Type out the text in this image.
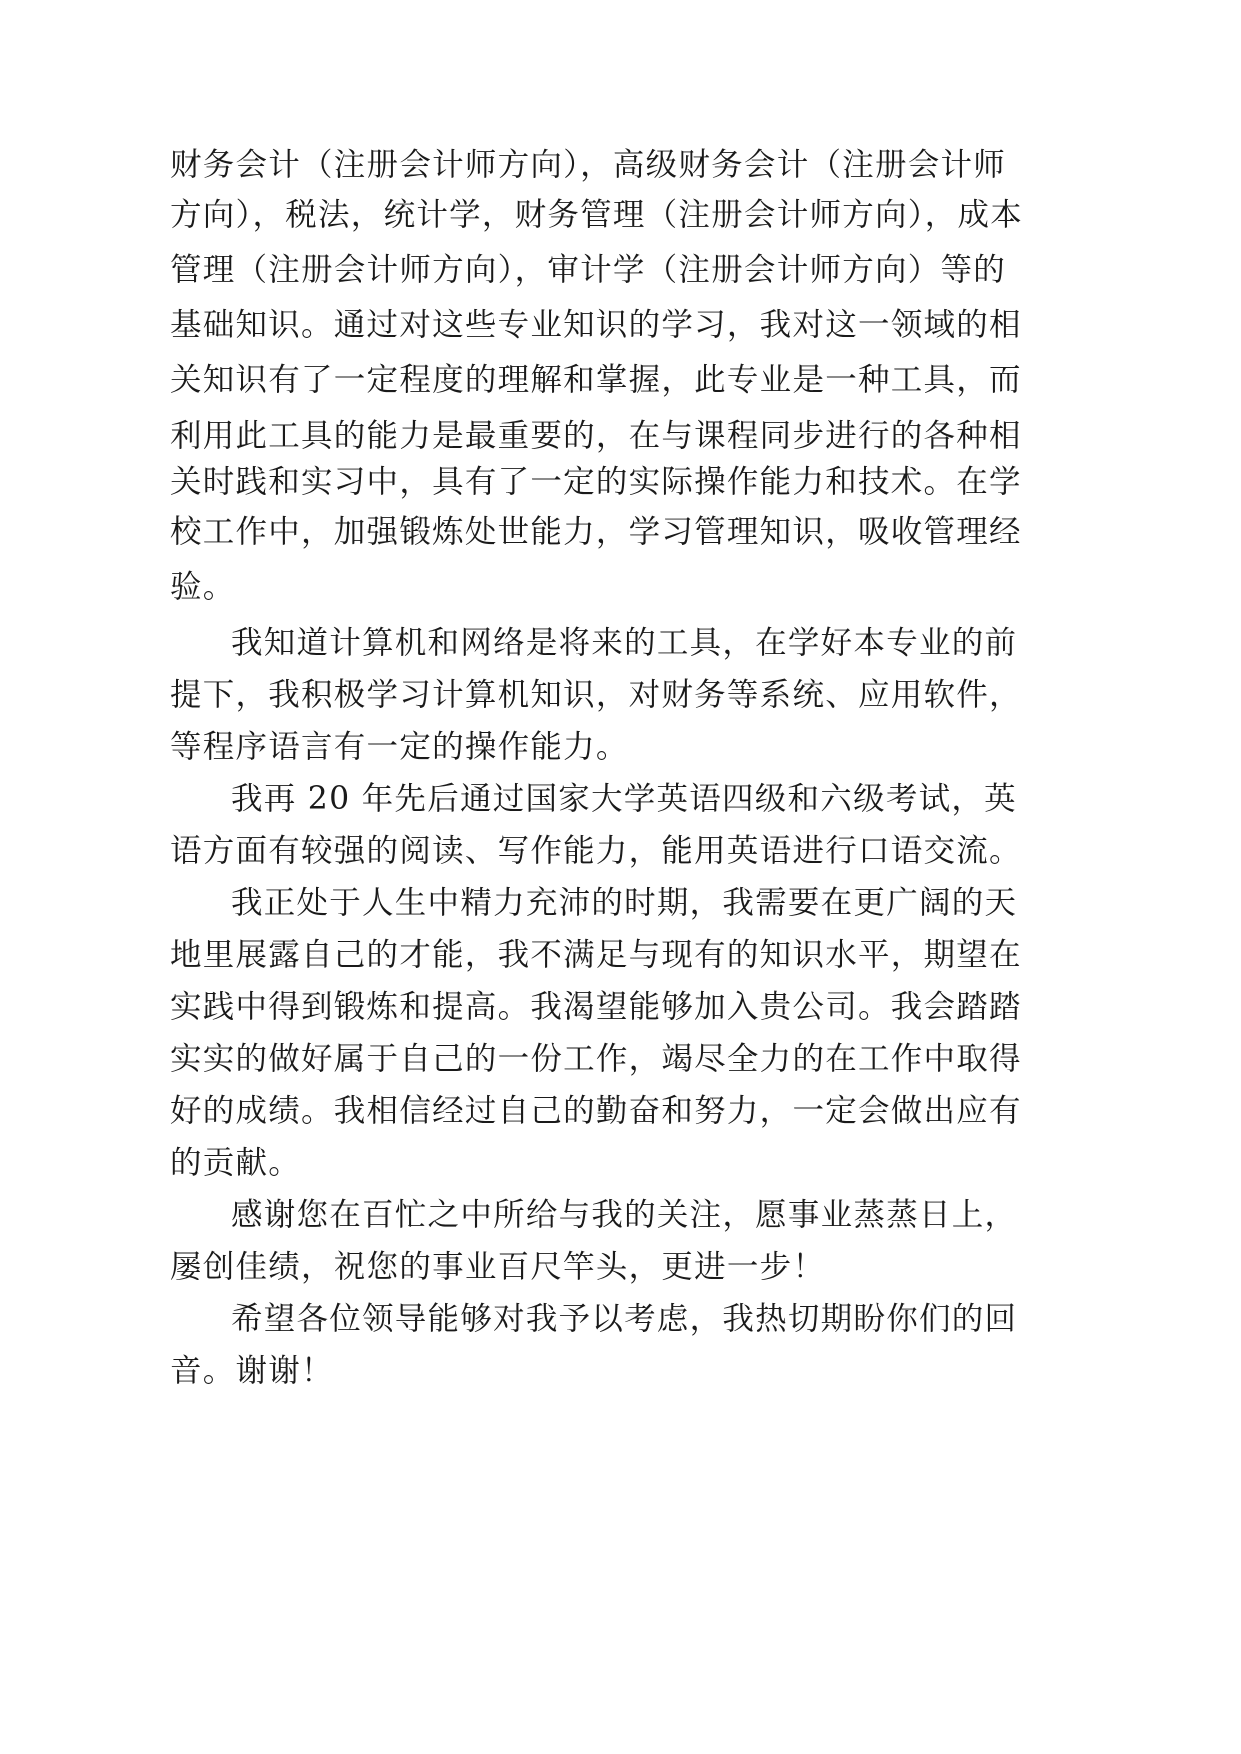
财务会计（注册会计师方向），高级财务会计（注册会计师
方向），税法，统计学，财务管理（注册会计师方向），成本
管理（注册会计师方向），审计学（注册会计师方向）等的
基础知识。通过对这些专业知识的学习，我对这一领域的相
关知识有了一定程度的理解和掌握，此专业是一种工具，而
利用此工具的能力是最重要的，在与课程同步进行的各种相
关时践和实习中，具有了一定的实际操作能力和技术。在学
校工作中，加强锻炼处世能力，学习管理知识，吸收管理经
验。
我知道计算机和网络是将来的工具，在学好本专业的前
提下，我积极学习计算机知识，对财务等系统、应用软件，
等程序语言有一定的操作能力。
我再 20 年先后通过国家大学英语四级和六级考试，英
语方面有较强的阅读、写作能力，能用英语进行口语交流。
我正处于人生中精力充沛的时期，我需要在更广阔的天
地里展露自己的才能，我不满足与现有的知识水平，期望在
实践中得到锻炼和提高。我渴望能够加入贵公司。我会踏踏
实实的做好属于自己的一份工作，竭尽全力的在工作中取得
好的成绩。我相信经过自己的勤奋和努力，一定会做出应有
的贡献。
感谢您在百忙之中所给与我的关注，愿事业蒸蒸日上，
屡创佳绩，祝您的事业百尺竿头，更进一步！
希望各位领导能够对我予以考虑，我热切期盼你们的回
音。谢谢！
